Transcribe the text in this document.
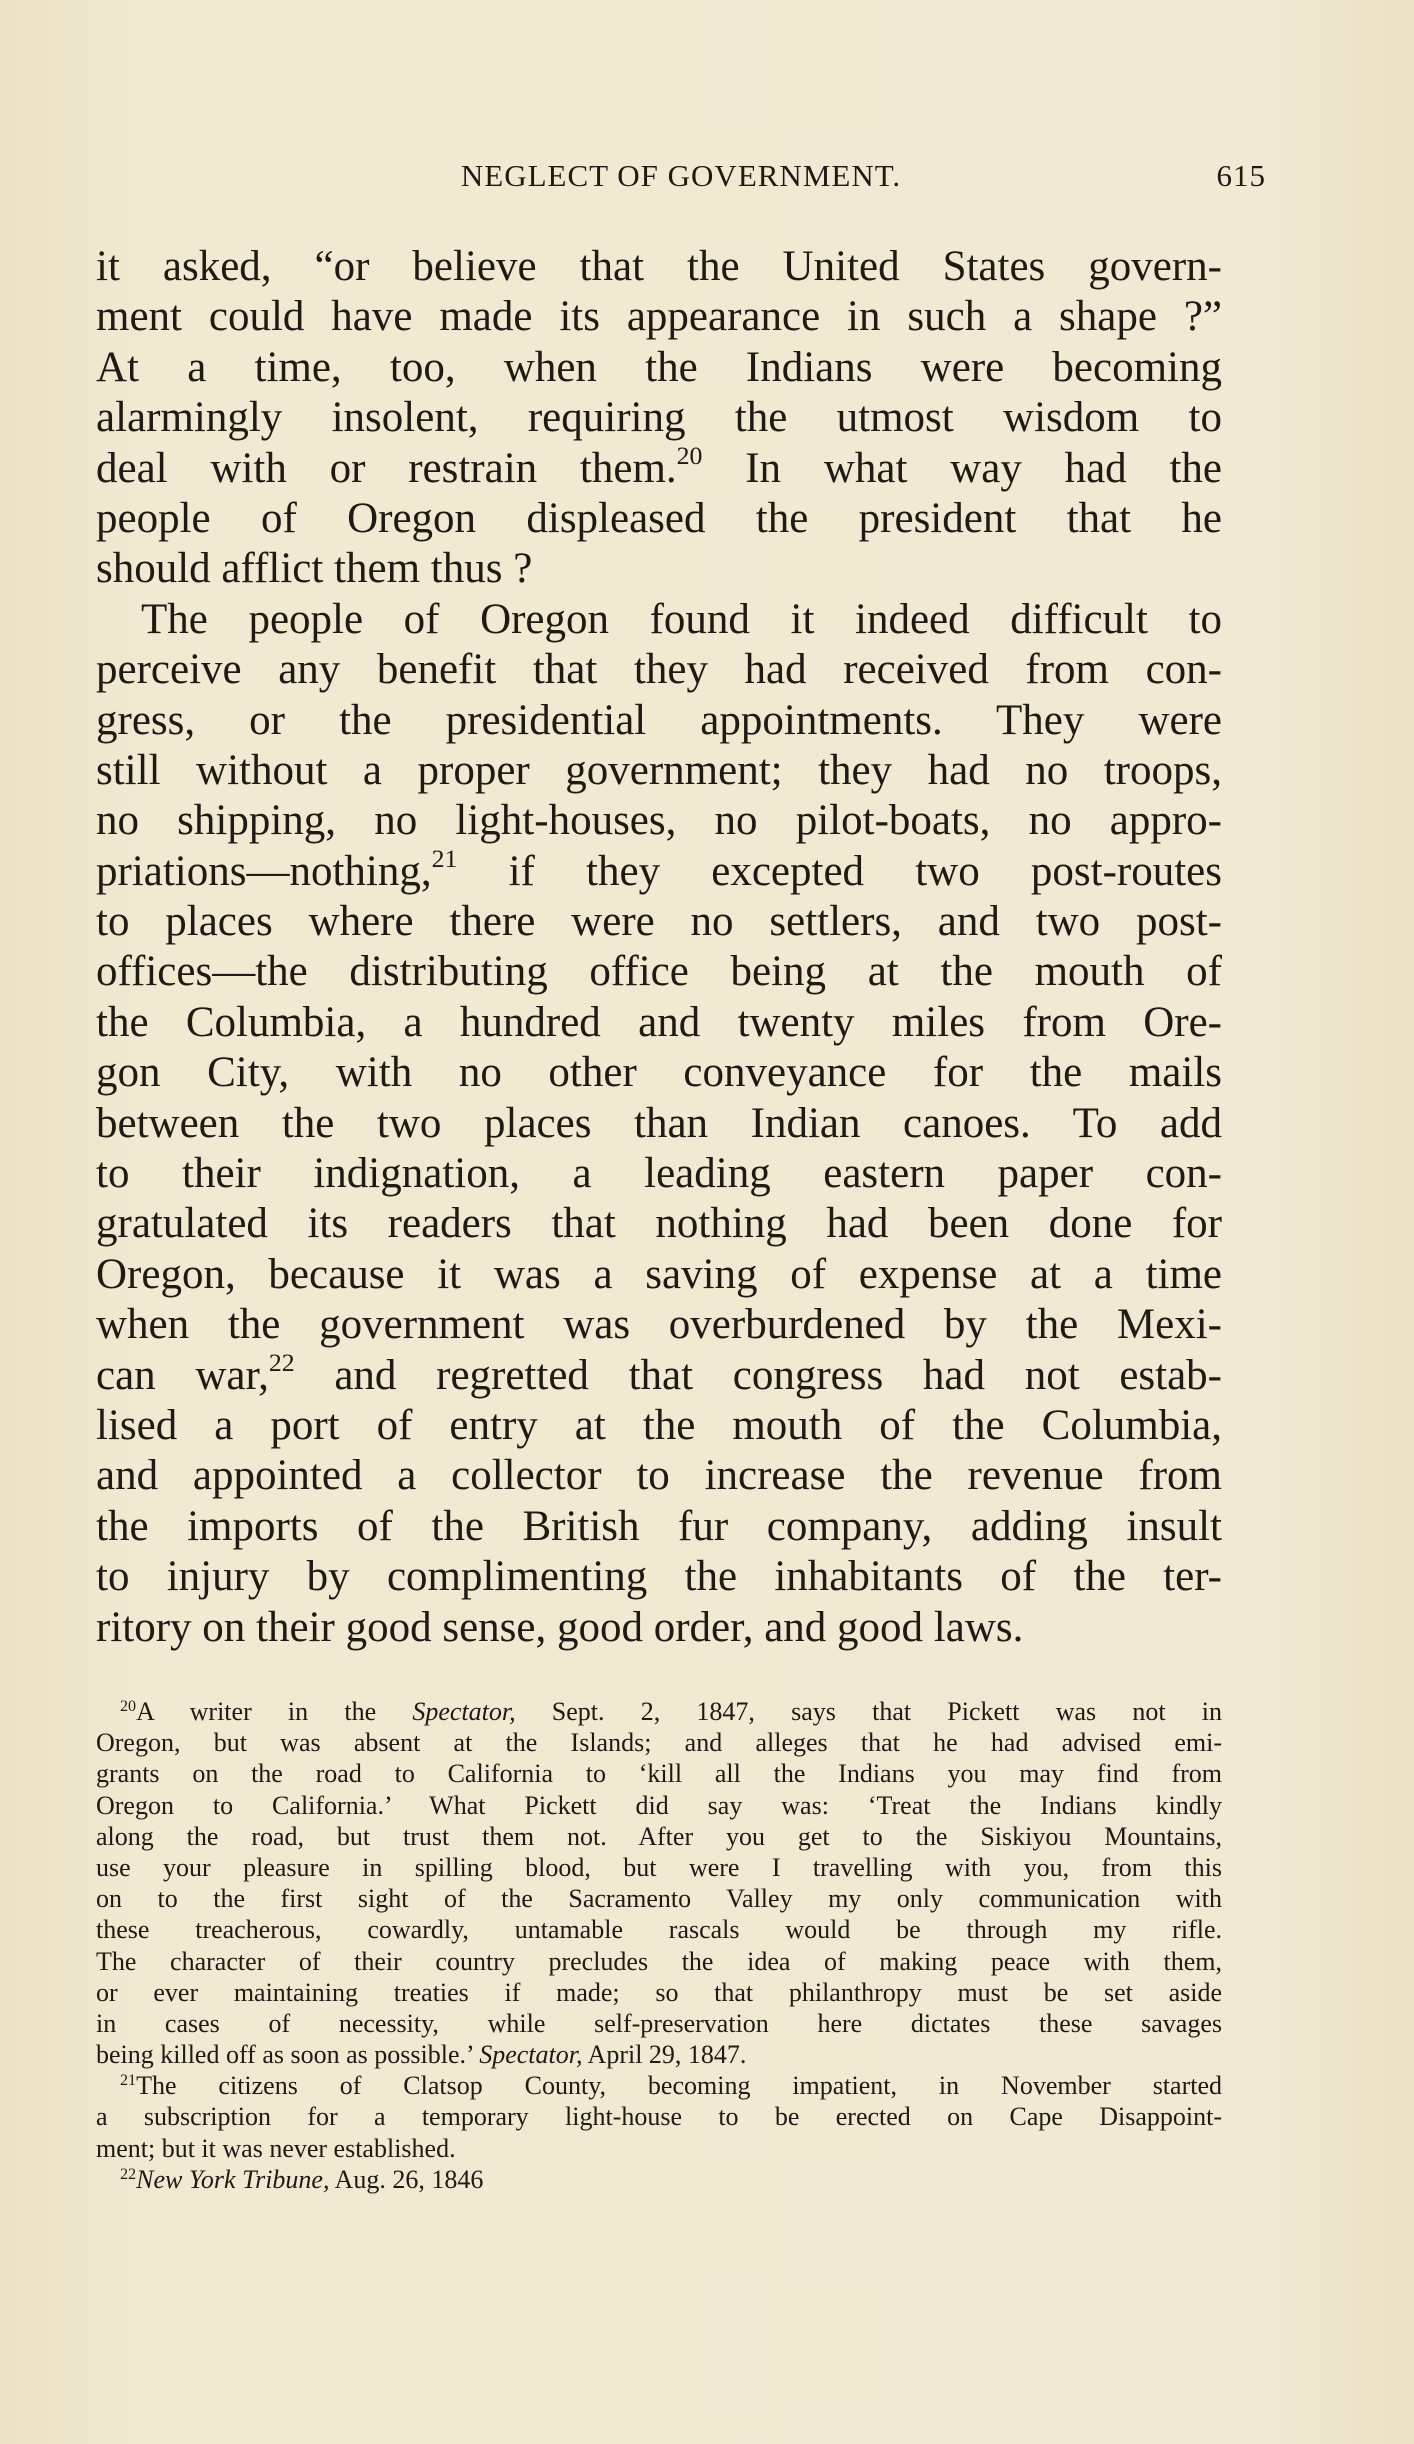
NEGLECT OF GOVERNMENT.	615
it asked, “or believe that the United States govern-
ment could have made its appearance in such a shape ?”
At a time, too, when the Indians were becoming
alarmingly insolent, requiring the utmost wisdom to
deal with or restrain them.$^{20}$ In what way had the
people of Oregon displeased the president that he
should afflict them thus ?
The people of Oregon found it indeed difficult to
perceive any benefit that they had received from con-
gress, or the presidential appointments. They were
still without a proper government; they had no troops,
no shipping, no light-houses, no pilot-boats, no appro-
priations—nothing,$^{21}$ if they excepted two post-routes
to places where there were no settlers, and two post-
offices—the distributing office being at the mouth of
the Columbia, a hundred and twenty miles from Ore-
gon City, with no other conveyance for the mails
between the two places than Indian canoes. To add
to their indignation, a leading eastern paper con-
gratulated its readers that nothing had been done for
Oregon, because it was a saving of expense at a time
when the government was overburdened by the Mexi-
can war,$^{22}$ and regretted that congress had not estab-
lised a port of entry at the mouth of the Columbia,
and appointed a collector to increase the revenue from
the imports of the British fur company, adding insult
to injury by complimenting the inhabitants of the ter-
ritory on their good sense, good order, and good laws.
$^{20}$A writer in the Spectator, Sept. 2, 1847, says that Pickett was not in
Oregon, but was absent at the Islands; and alleges that he had advised emi-
grants on the road to California to ‘kill all the Indians you may find from
Oregon to California.’ What Pickett did say was: ‘Treat the Indians kindly
along the road, but trust them not. After you get to the Siskiyou Mountains,
use your pleasure in spilling blood, but were I travelling with you, from this
on to the first sight of the Sacramento Valley my only communication with
these treacherous, cowardly, untamable rascals would be through my rifle.
The character of their country precludes the idea of making peace with them,
or ever maintaining treaties if made; so that philanthropy must be set aside
in cases of necessity, while self-preservation here dictates these savages
being killed off as soon as possible.’ Spectator, April 29, 1847.
$^{21}$The citizens of Clatsop County, becoming impatient, in November started
a subscription for a temporary light-house to be erected on Cape Disappoint-
ment; but it was never established.
$^{22}$New York Tribune, Aug. 26, 1846
